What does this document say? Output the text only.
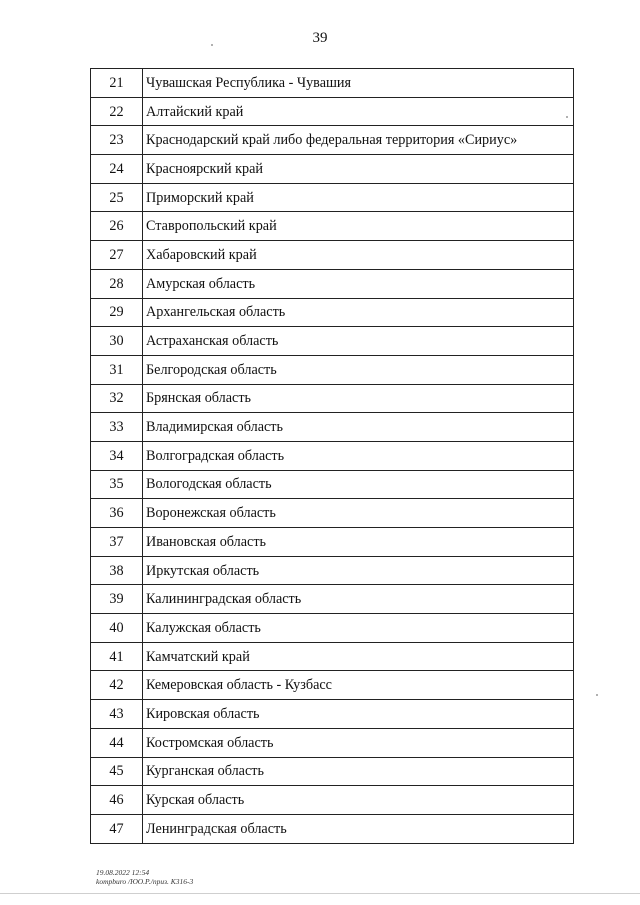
39
21	Чувашская Республика - Чувашия
22	Алтайский край
23	Краснодарский край либо федеральная территория «Сириус»
24	Красноярский край
25	Приморский край
26	Ставропольский край
27	Хабаровский край
28	Амурская область
29	Архангельская область
30	Астраханская область
31	Белгородская область
32	Брянская область
33	Владимирская область
34	Волгоградская область
35	Вологодская область
36	Воронежская область
37	Ивановская область
38	Иркутская область
39	Калининградская область
40	Калужская область
41	Камчатский край
42	Кемеровская область - Кузбасс
43	Кировская область
44	Костромская область
45	Курганская область
46	Курская область
47	Ленинградская область
19.08.2022 12:54
kompburo /ЮО.Р./приз. К316-3
